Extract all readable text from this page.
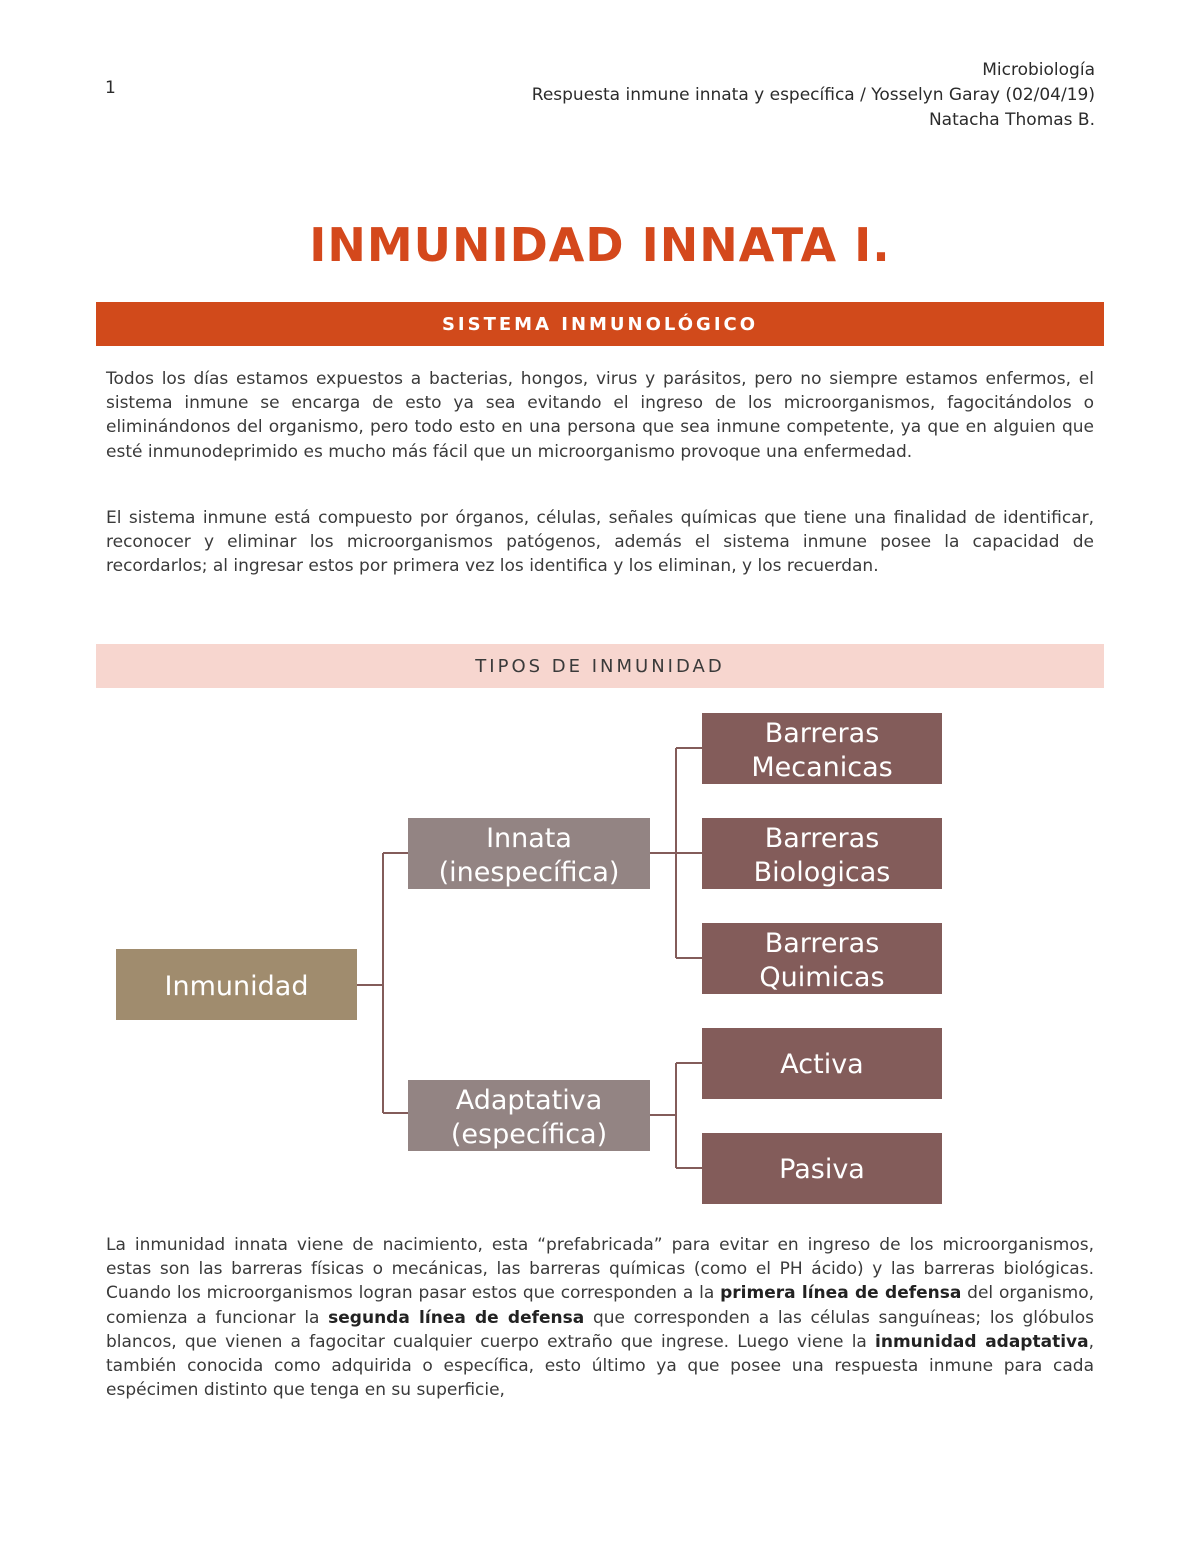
1
Microbiología
Respuesta inmune innata y específica / Yosselyn Garay (02/04/19)
Natacha Thomas B.
INMUNIDAD INNATA I.
SISTEMA INMUNOLÓGICO

Todos los días estamos expuestos a bacterias, hongos, virus y parásitos, pero no siempre estamos enfermos, el sistema inmune se encarga de esto ya sea evitando el ingreso de los microorganismos, fagocitándolos o eliminándonos del organismo, pero todo esto en una persona que sea inmune competente, ya que en alguien que esté inmunodeprimido es mucho más fácil que un microorganismo provoque una enfermedad.

El sistema inmune está compuesto por órganos, células, señales químicas que tiene una finalidad de identificar, reconocer y eliminar los microorganismos patógenos, además el sistema inmune posee la capacidad de recordarlos; al ingresar estos por primera vez los identifica y los eliminan, y los recuerdan.

TIPOS DE INMUNIDAD
Inmunidad
Innata
(inespecífica)
Adaptativa
(específica)
Barreras
Mecanicas
Barreras
Biologicas
Barreras
Quimicas
Activa
Pasiva

La inmunidad innata viene de nacimiento, esta “prefabricada” para evitar en ingreso de los microorganismos, estas son las barreras físicas o mecánicas, las barreras químicas (como el PH ácido) y las barreras biológicas. Cuando los microorganismos logran pasar estos que corresponden a la primera línea de defensa del organismo, comienza a funcionar la segunda línea de defensa que corresponden a las células sanguíneas; los glóbulos blancos, que vienen a fagocitar cualquier cuerpo extraño que ingrese. Luego viene la inmunidad adaptativa, también conocida como adquirida o específica, esto último ya que posee una respuesta inmune para cada espécimen distinto que tenga en su superficie,
